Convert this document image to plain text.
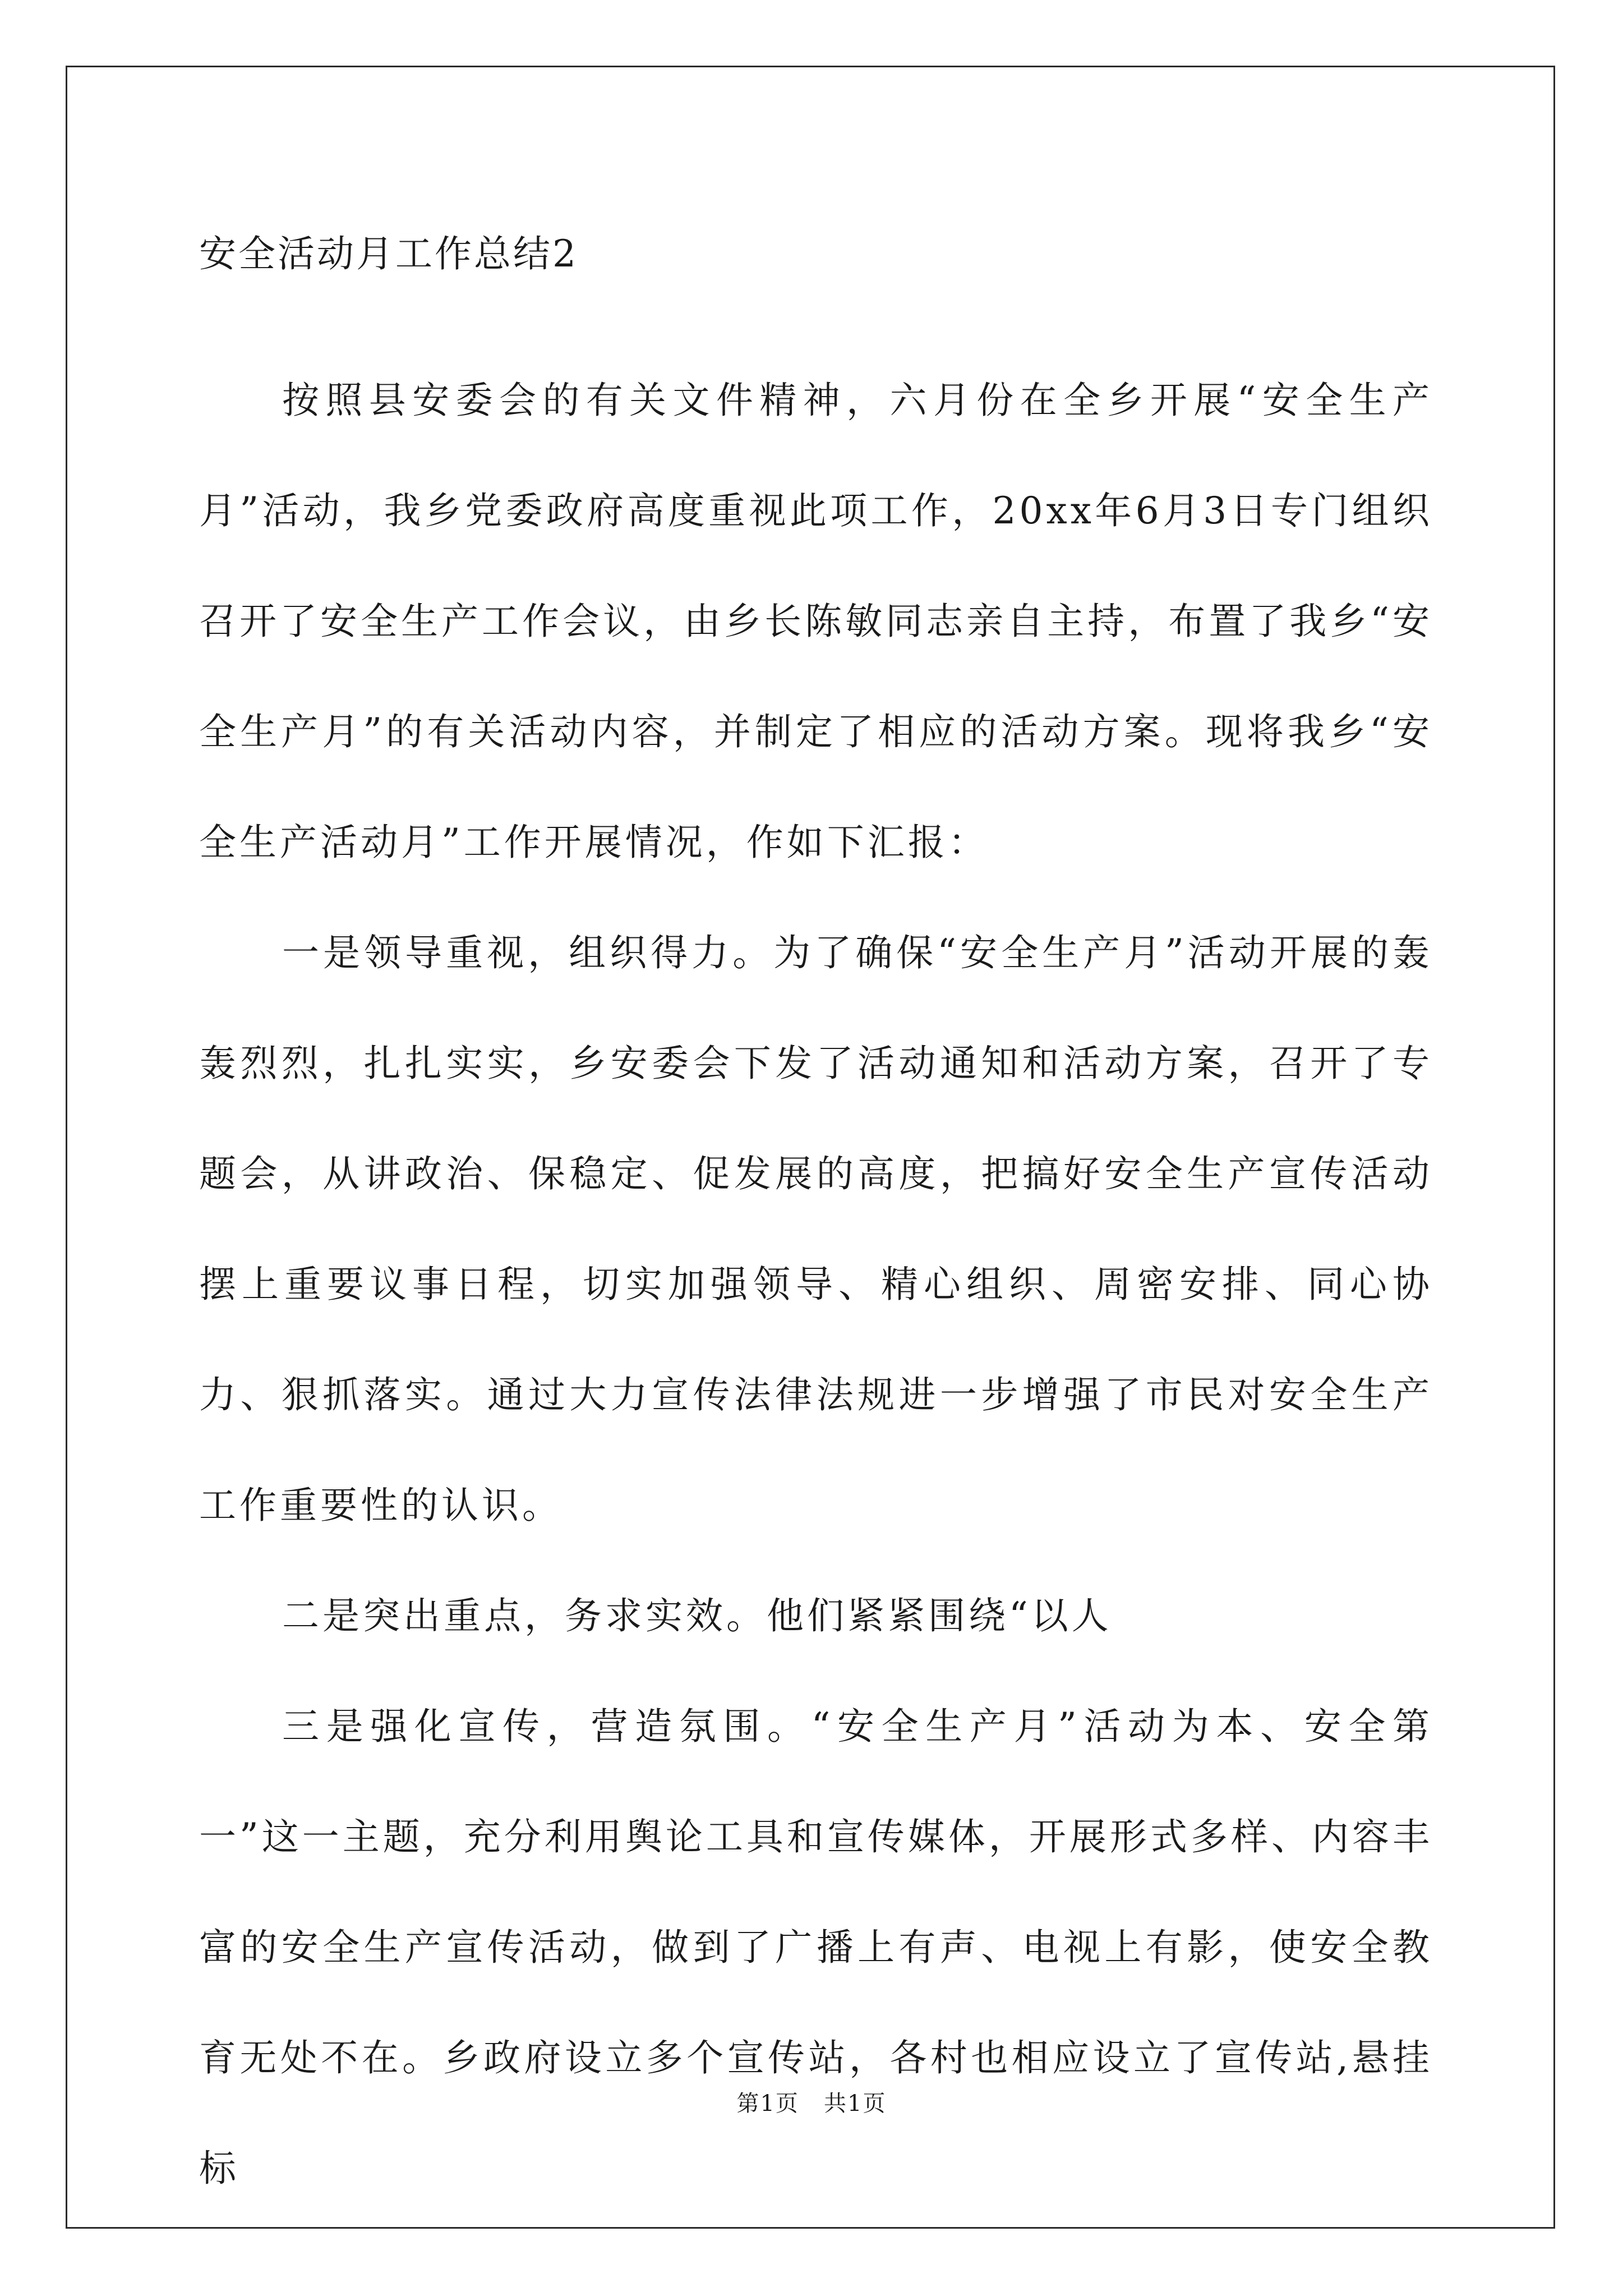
安全活动月工作总结2

按照县安委会的有关文件精神，六月份在全乡开展“安全生产月”活动，我乡党委政府高度重视此项工作，20xx年6月3日专门组织召开了安全生产工作会议，由乡长陈敏同志亲自主持，布置了我乡“安全生产月”的有关活动内容，并制定了相应的活动方案。现将我乡“安全生产活动月”工作开展情况，作如下汇报：

一是领导重视，组织得力。为了确保“安全生产月”活动开展的轰轰烈烈，扎扎实实，乡安委会下发了活动通知和活动方案，召开了专题会，从讲政治、保稳定、促发展的高度，把搞好安全生产宣传活动摆上重要议事日程，切实加强领导、精心组织、周密安排、同心协力、狠抓落实。通过大力宣传法律法规进一步增强了市民对安全生产工作重要性的认识。

二是突出重点，务求实效。他们紧紧围绕“以人

三是强化宣传，营造氛围。“安全生产月”活动为本、安全第一”这一主题，充分利用舆论工具和宣传媒体，开展形式多样、内容丰富的安全生产宣传活动，做到了广播上有声、电视上有影，使安全教育无处不在。乡政府设立多个宣传站，各村也相应设立了宣传站,悬挂标

第1页   共1页
